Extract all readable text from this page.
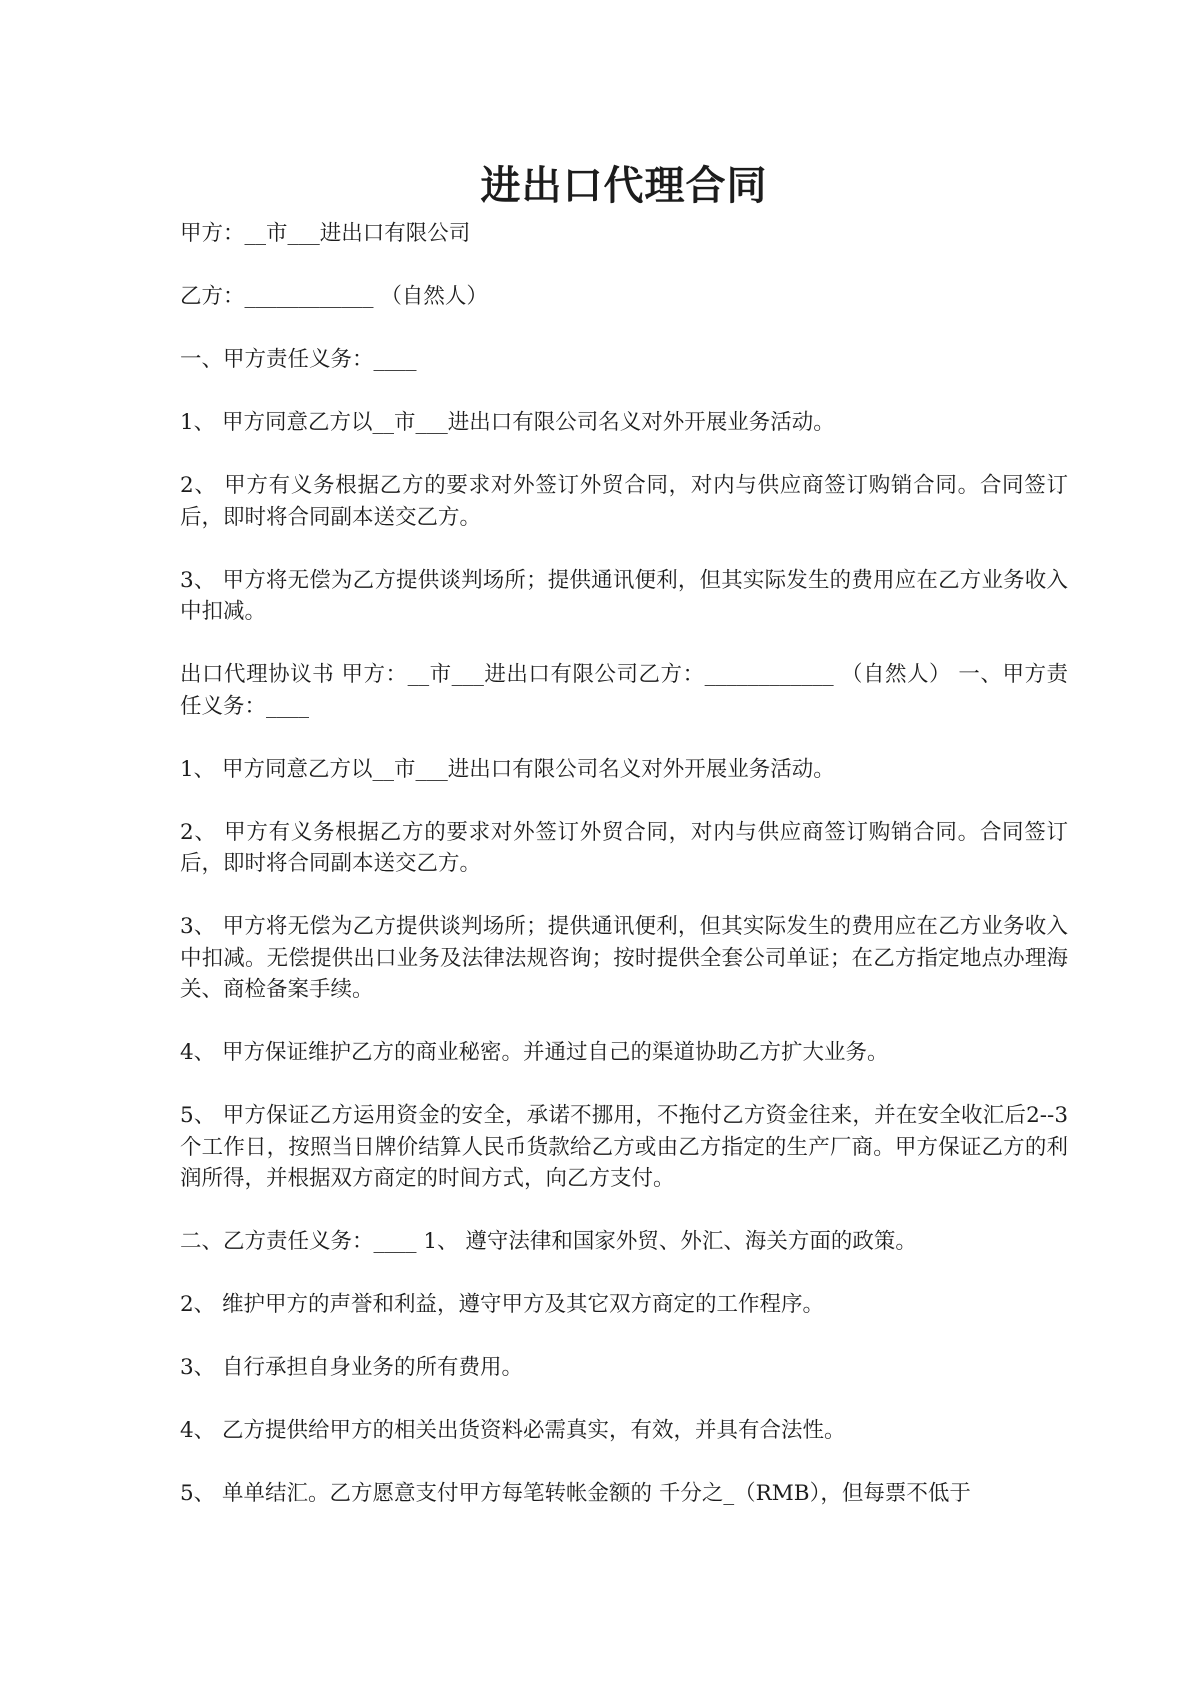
进出口代理合同

甲方：__市___进出口有限公司

乙方：____________ （自然人）

一、甲方责任义务：____

1、 甲方同意乙方以__市___进出口有限公司名义对外开展业务活动。

2、 甲方有义务根据乙方的要求对外签订外贸合同，对内与供应商签订购销合同。合同签订后，即时将合同副本送交乙方。

3、 甲方将无偿为乙方提供谈判场所；提供通讯便利，但其实际发生的费用应在乙方业务收入中扣减。

出口代理协议书 甲方：__市___进出口有限公司乙方：____________ （自然人） 一、甲方责任义务：____

1、 甲方同意乙方以__市___进出口有限公司名义对外开展业务活动。

2、 甲方有义务根据乙方的要求对外签订外贸合同，对内与供应商签订购销合同。合同签订后，即时将合同副本送交乙方。

3、 甲方将无偿为乙方提供谈判场所；提供通讯便利，但其实际发生的费用应在乙方业务收入中扣减。无偿提供出口业务及法律法规咨询；按时提供全套公司单证；在乙方指定地点办理海关、商检备案手续。

4、 甲方保证维护乙方的商业秘密。并通过自己的渠道协助乙方扩大业务。

5、 甲方保证乙方运用资金的安全，承诺不挪用，不拖付乙方资金往来，并在安全收汇后2--3 个工作日，按照当日牌价结算人民币货款给乙方或由乙方指定的生产厂商。甲方保证乙方的利润所得，并根据双方商定的时间方式，向乙方支付。

二、乙方责任义务：____ 1、 遵守法律和国家外贸、外汇、海关方面的政策。

2、 维护甲方的声誉和利益，遵守甲方及其它双方商定的工作程序。

3、 自行承担自身业务的所有费用。

4、 乙方提供给甲方的相关出货资料必需真实，有效，并具有合法性。

5、 单单结汇。乙方愿意支付甲方每笔转帐金额的 千分之_（RMB），但每票不低于
